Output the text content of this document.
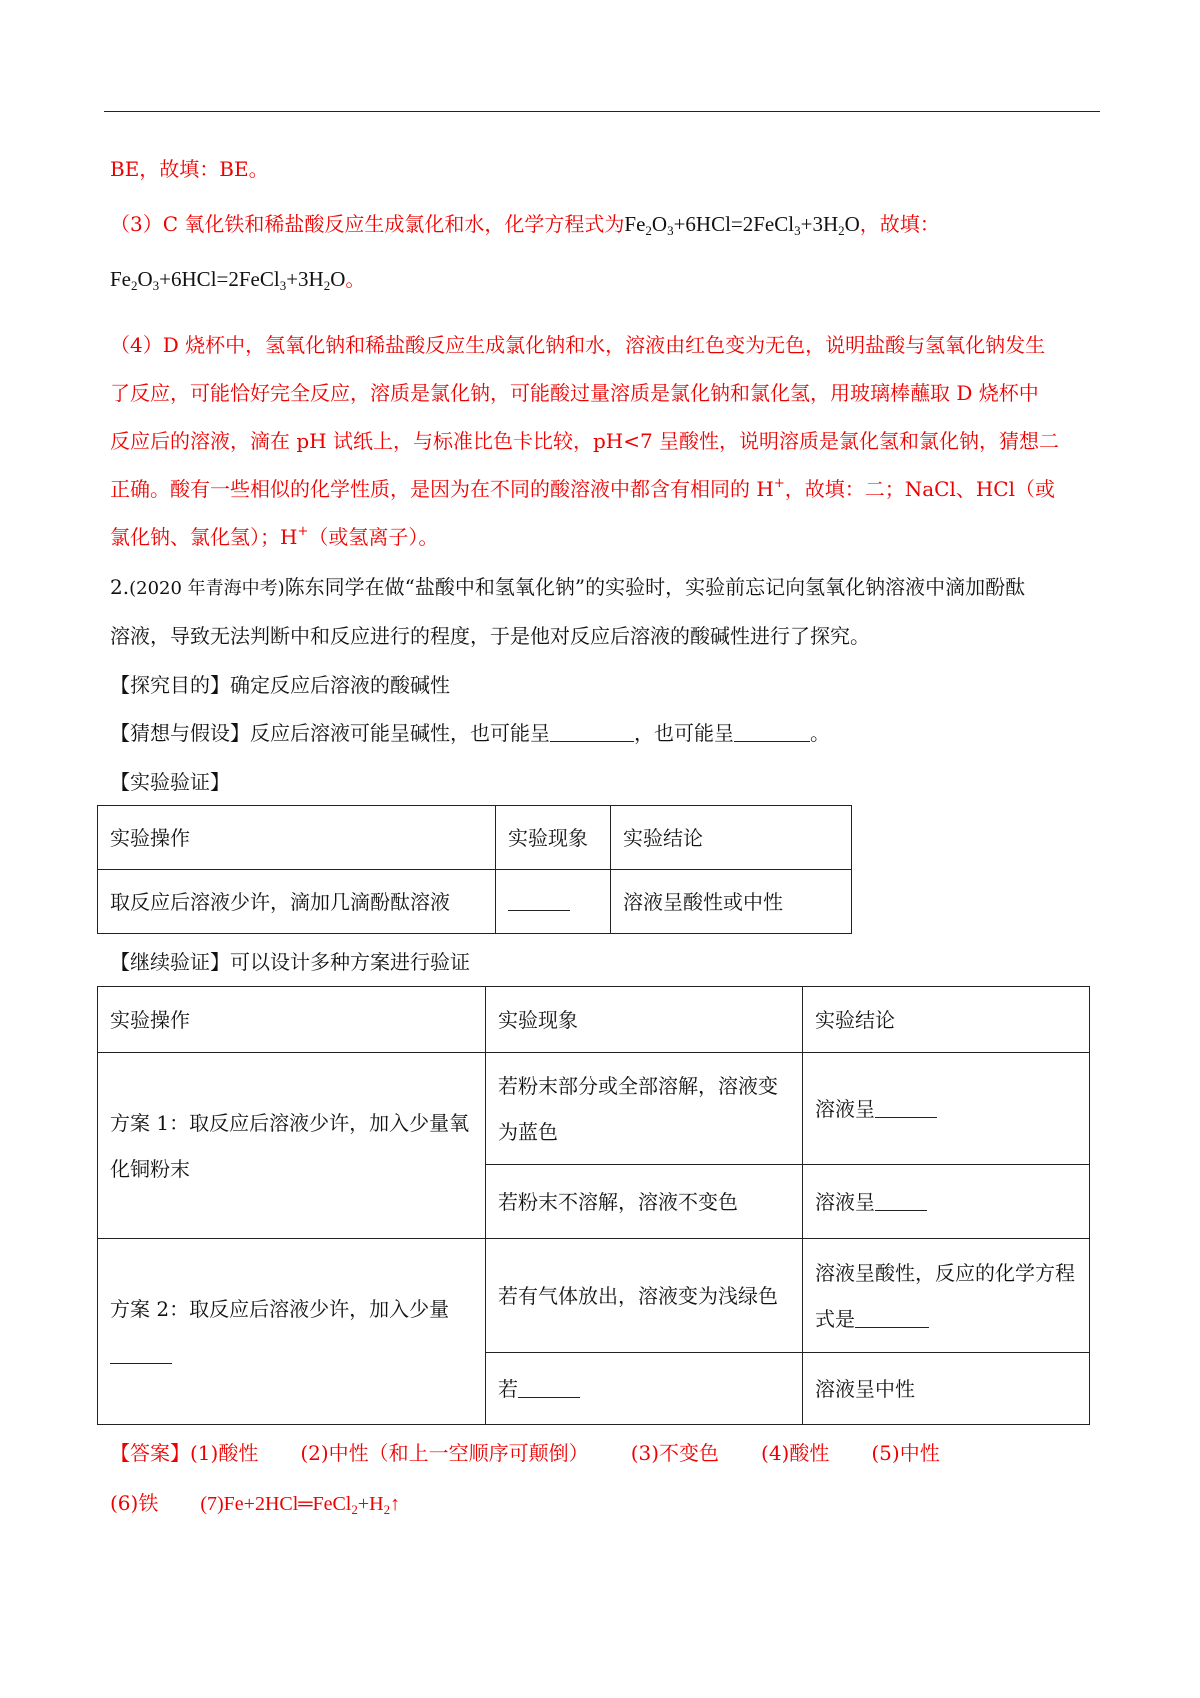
BE，故填：BE。
（3）C 氧化铁和稀盐酸反应生成氯化和水，化学方程式为$Fe_2O_3+6HCl=2FeCl_3+3H_2O$，故填：
$Fe_2O_3+6HCl=2FeCl_3+3H_2O$。
（4）D 烧杯中，氢氧化钠和稀盐酸反应生成氯化钠和水，溶液由红色变为无色，说明盐酸与氢氧化钠发生
了反应，可能恰好完全反应，溶质是氯化钠，可能酸过量溶质是氯化钠和氯化氢，用玻璃棒蘸取 D 烧杯中
反应后的溶液，滴在 pH 试纸上，与标准比色卡比较，pH<7 呈酸性，说明溶质是氯化氢和氯化钠，猜想二
正确。酸有一些相似的化学性质，是因为在不同的酸溶液中都含有相同的 H+，故填：二；NaCl、HCl（或
氯化钠、氯化氢）；H+（或氢离子）。
2.(2020 年青海中考)陈东同学在做“盐酸中和氢氧化钠”的实验时，实验前忘记向氢氧化钠溶液中滴加酚酞
溶液，导致无法判断中和反应进行的程度，于是他对反应后溶液的酸碱性进行了探究。
【探究目的】确定反应后溶液的酸碱性
【猜想与假设】反应后溶液可能呈碱性，也可能呈	，也可能呈	。
【实验验证】
实验操作	实验现象	实验结论
取反应后溶液少许，滴加几滴酚酞溶液		溶液呈酸性或中性
【继续验证】可以设计多种方案进行验证
实验操作	实验现象	实验结论
方案 1：取反应后溶液少许，加入少量氧化铜粉末	若粉末部分或全部溶解，溶液变为蓝色	溶液呈
	若粉末不溶解，溶液不变色	溶液呈
方案 2：取反应后溶液少许，加入少量	若有气体放出，溶液变为浅绿色	溶液呈酸性，反应的化学方程式是
	若	溶液呈中性
【答案】(1)酸性 (2)中性（和上一空顺序可颠倒） (3)不变色 (4)酸性 (5)中性
(6)铁 $(7)Fe+2HCl═FeCl_2+H_2↑$
